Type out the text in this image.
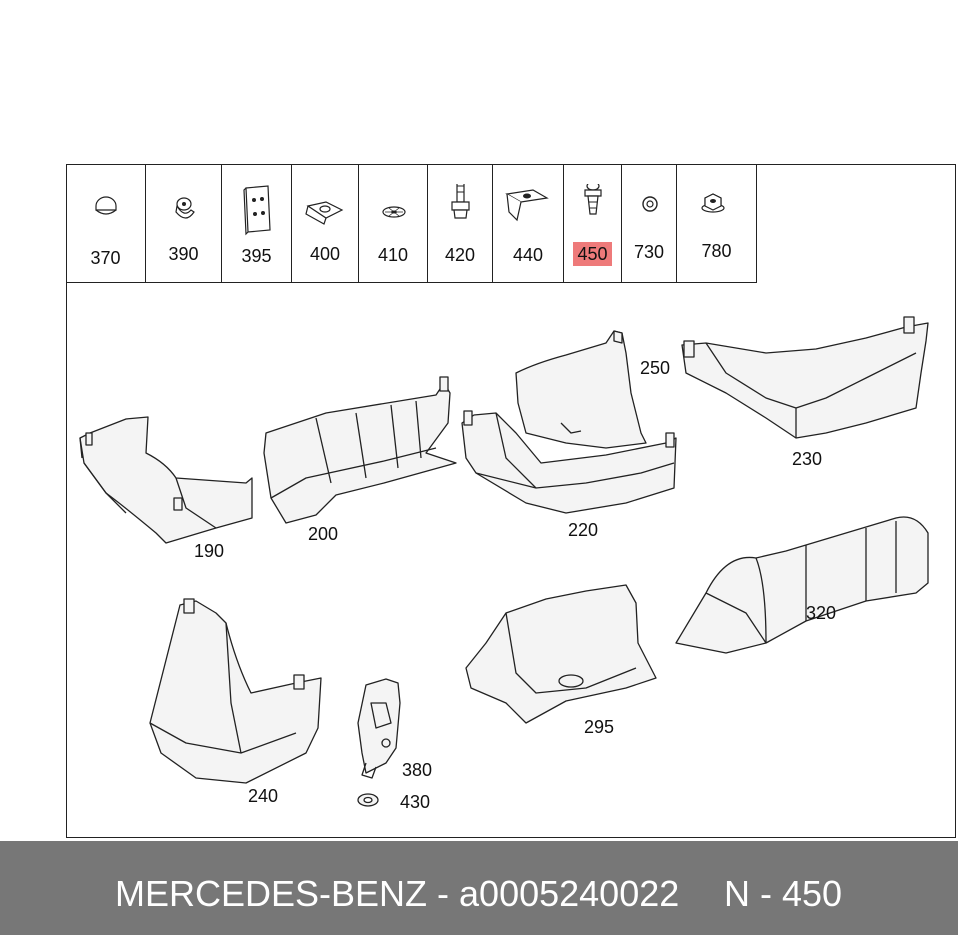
370	390	395	400	410	420	440	450	730	780
190
200	220
250
230
320
240
295
380
430
MERCEDES-BENZ - a0005240022 N - 450
